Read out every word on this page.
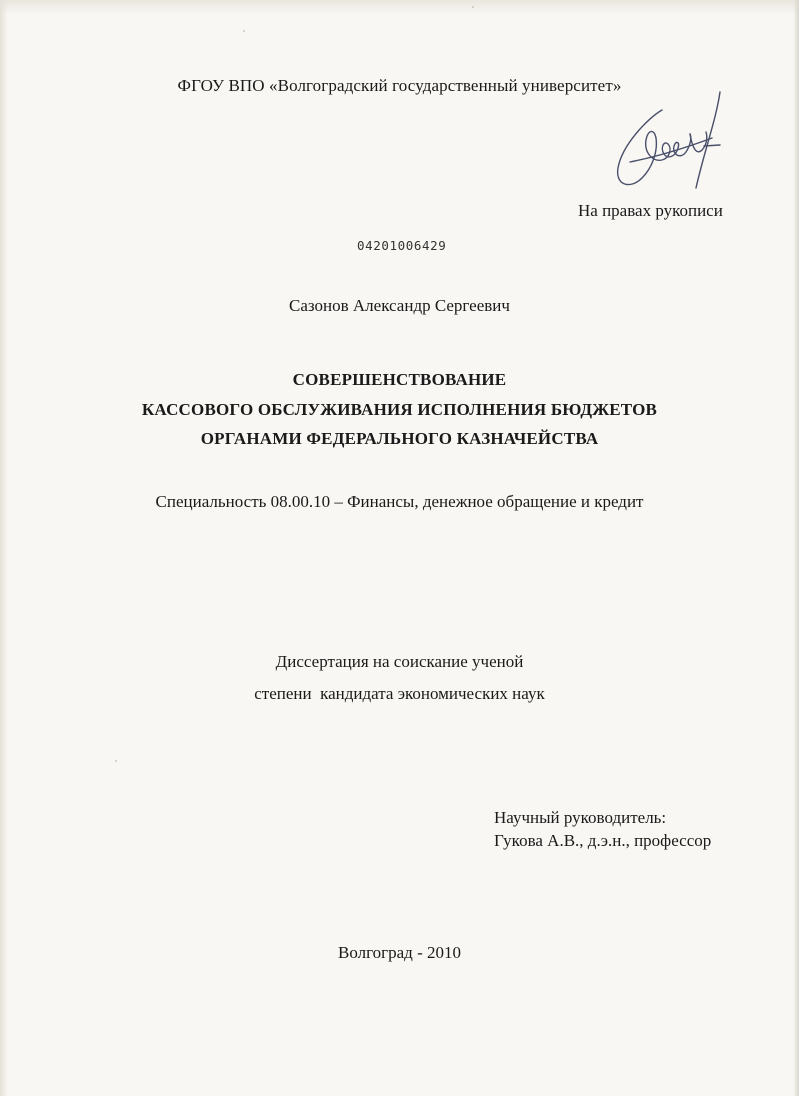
ФГОУ ВПО «Волгоградский государственный университет»
На правах рукописи
04201006429
Сазонов Александр Сергеевич
СОВЕРШЕНСТВОВАНИЕ
КАССОВОГО ОБСЛУЖИВАНИЯ ИСПОЛНЕНИЯ БЮДЖЕТОВ
ОРГАНАМИ ФЕДЕРАЛЬНОГО КАЗНАЧЕЙСТВА
Специальность 08.00.10 – Финансы, денежное обращение и кредит
Диссертация на соискание ученой
степени  кандидата экономических наук
Научный руководитель:
Гукова А.В., д.э.н., профессор
Волгоград - 2010
